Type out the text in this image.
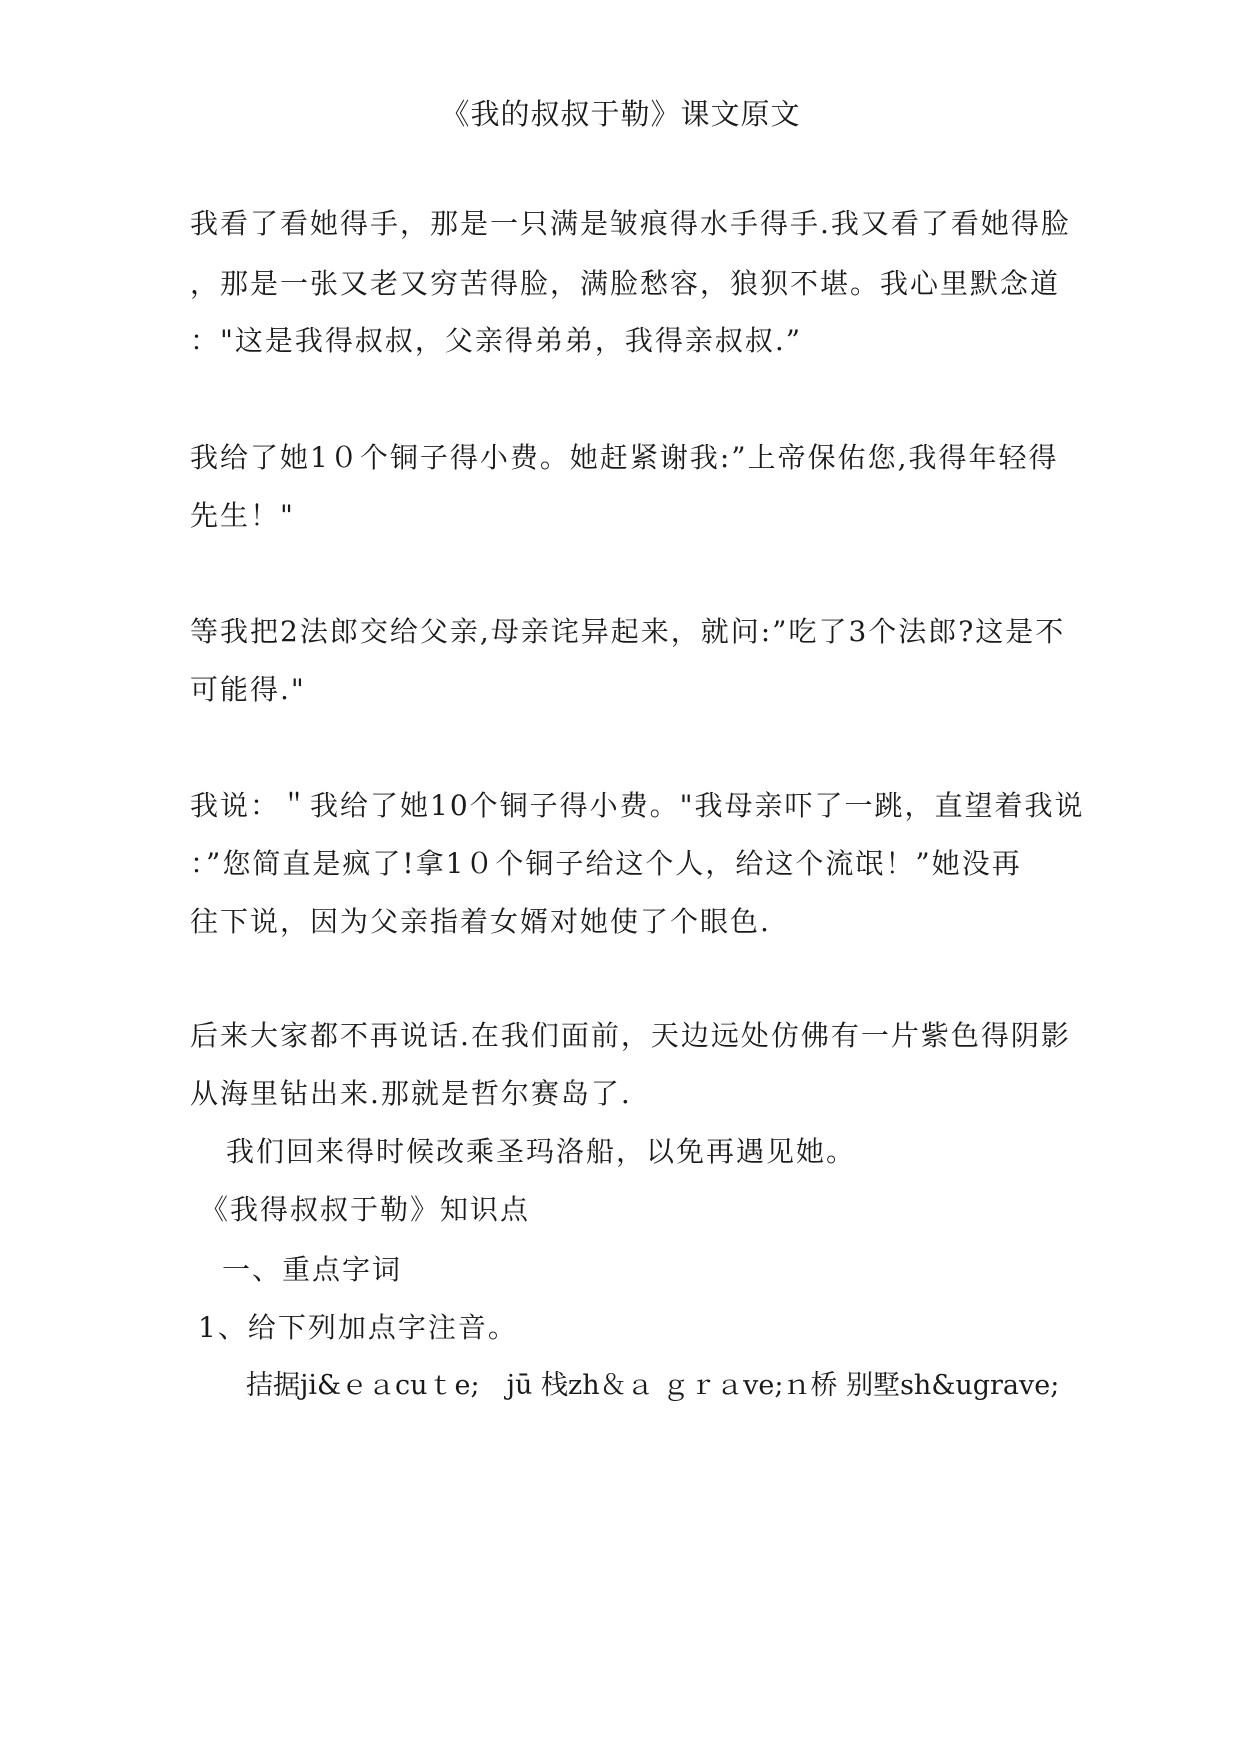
《我的叔叔于勒》课文原文
我看了看她得手，那是一只满是皱痕得水手得手.我又看了看她得脸
，那是一张又老又穷苦得脸，满脸愁容，狼狈不堪。我心里默念道
："这是我得叔叔，父亲得弟弟，我得亲叔叔.”
我给了她1０个铜子得小费。她赶紧谢我:”上帝保佑您,我得年轻得
先生！"
等我把2法郎交给父亲,母亲诧异起来，就问:”吃了3个法郎?这是不
可能得."
我说：＂我给了她10个铜子得小费。"我母亲吓了一跳，直望着我说
：”您简直是疯了!拿1０个铜子给这个人，给这个流氓！”她没再
往下说，因为父亲指着女婿对她使了个眼色.
后来大家都不再说话.在我们面前，天边远处仿佛有一片紫色得阴影
从海里钻出来.那就是哲尔赛岛了.
我们回来得时候改乘圣玛洛船，以免再遇见她。
《我得叔叔于勒》知识点
一、重点字词
1、给下列加点字注音。
拮据ji&ｅａcuｔe;　jū 栈zh＆ａ ｇｒａve;ｎ桥 别墅sh&ugrave;
